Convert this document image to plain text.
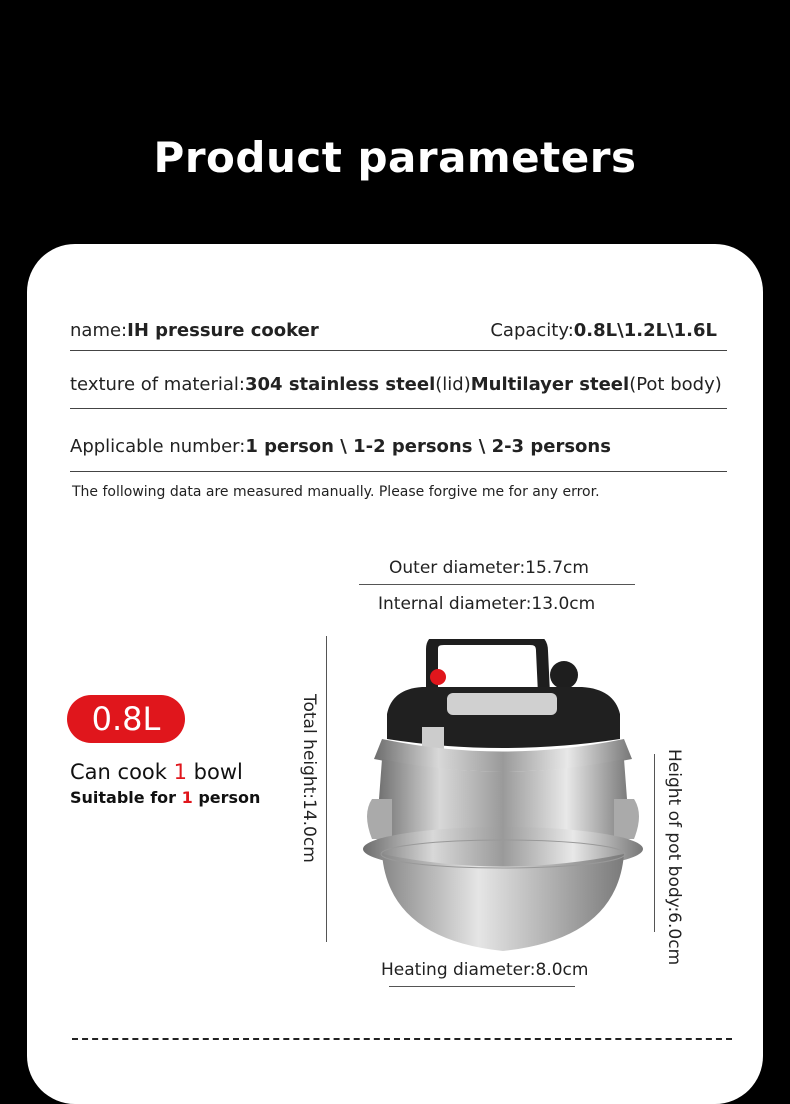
Product parameters
name:IH pressure cooker	Capacity:0.8L\1.2L\1.6L
texture of material:304 stainless steel(lid)Multilayer steel(Pot body)
Applicable number:1 person \ 1-2 persons \ 2-3 persons
The following data are measured manually. Please forgive me for any error.
Outer diameter:15.7cm
Internal diameter:13.0cm
Total height:14.0cm	Height of pot body:6.0cm
Heating diameter:8.0cm
0.8L
Can cook 1 bowl
Suitable for 1 person
